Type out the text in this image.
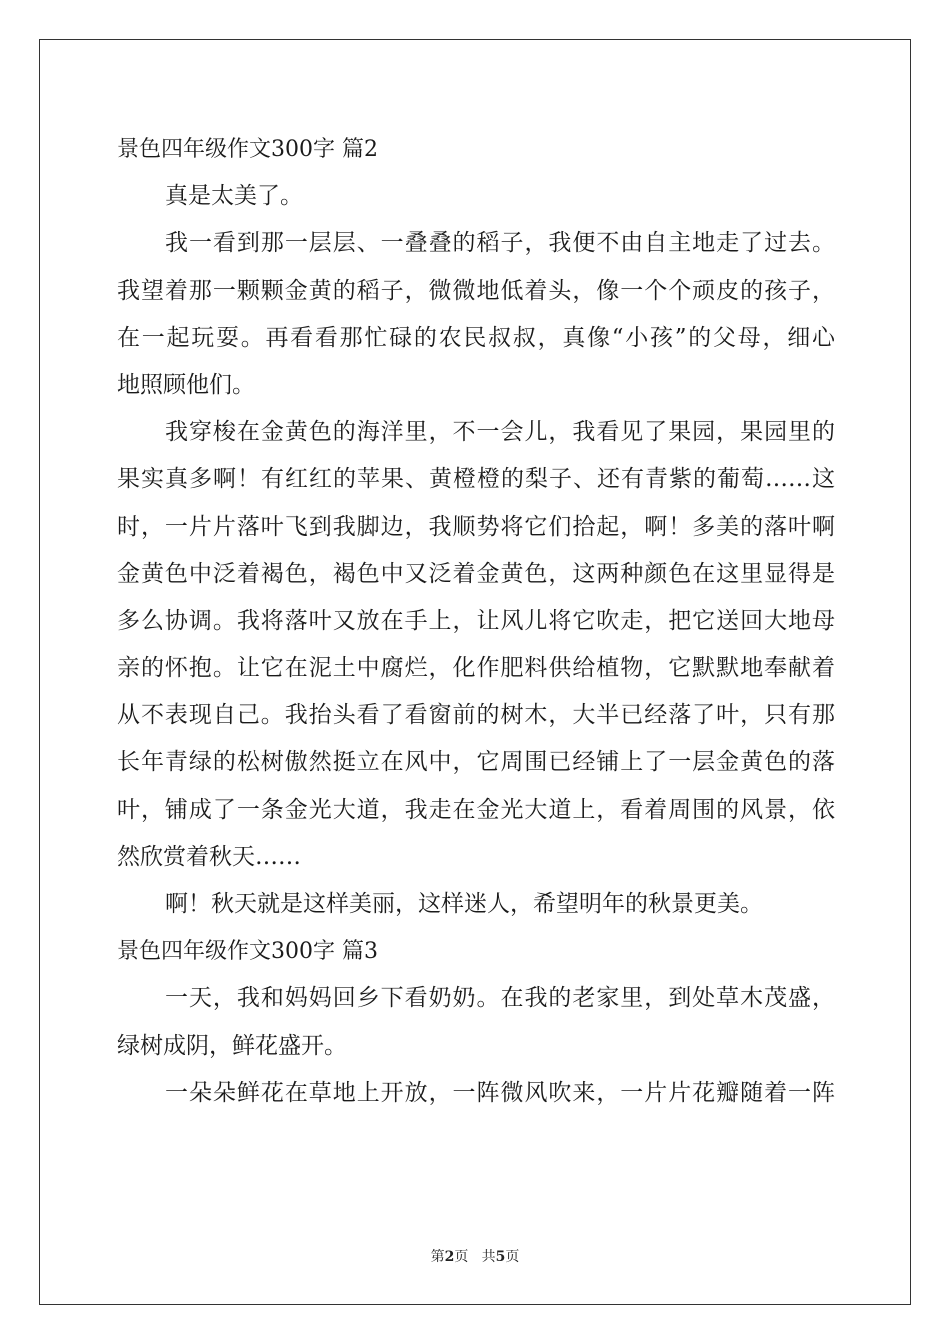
景色四年级作文300字 篇2
真是太美了。
我一看到那一层层、一叠叠的稻子，我便不由自主地走了过去。
我望着那一颗颗金黄的稻子，微微地低着头，像一个个顽皮的孩子，
在一起玩耍。再看看那忙碌的农民叔叔，真像“小孩”的父母，细心
地照顾他们。
我穿梭在金黄色的海洋里，不一会儿，我看见了果园，果园里的
果实真多啊！有红红的苹果、黄橙橙的梨子、还有青紫的葡萄……这
时，一片片落叶飞到我脚边，我顺势将它们拾起，啊！多美的落叶啊
金黄色中泛着褐色，褐色中又泛着金黄色，这两种颜色在这里显得是
多么协调。我将落叶又放在手上，让风儿将它吹走，把它送回大地母
亲的怀抱。让它在泥土中腐烂，化作肥料供给植物，它默默地奉献着
从不表现自己。我抬头看了看窗前的树木，大半已经落了叶，只有那
长年青绿的松树傲然挺立在风中，它周围已经铺上了一层金黄色的落
叶，铺成了一条金光大道，我走在金光大道上，看着周围的风景，依
然欣赏着秋天……
啊！秋天就是这样美丽，这样迷人，希望明年的秋景更美。
景色四年级作文300字 篇3
一天，我和妈妈回乡下看奶奶。在我的老家里，到处草木茂盛，
绿树成阴，鲜花盛开。
一朵朵鲜花在草地上开放，一阵微风吹来，一片片花瓣随着一阵
第2页 共5页
